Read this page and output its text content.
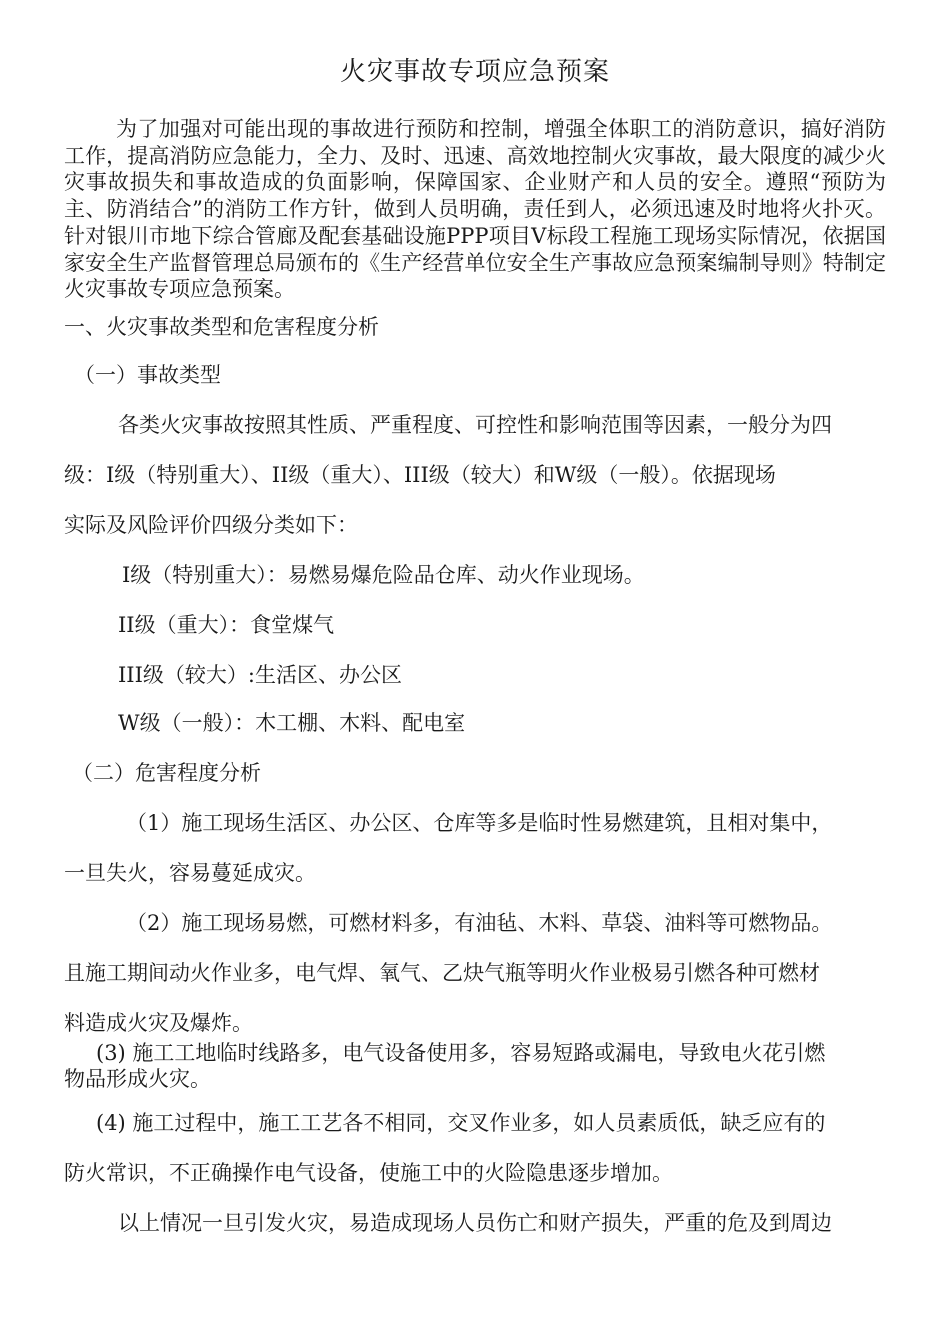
火灾事故专项应急预案

为了加强对可能出现的事故进行预防和控制，增强全体职工的消防意识，搞好消防工作，提高消防应急能力，全力、及时、迅速、高效地控制火灾事故，最大限度的减少火灾事故损失和事故造成的负面影响，保障国家、企业财产和人员的安全。遵照“预防为主、防消结合”的消防工作方针，做到人员明确，责任到人，必须迅速及时地将火扑灭。针对银川市地下综合管廊及配套基础设施PPP项目V标段工程施工现场实际情况，依据国家安全生产监督管理总局颁布的《生产经营单位安全生产事故应急预案编制导则》特制定火灾事故专项应急预案。

一、火灾事故类型和危害程度分析

（一）事故类型

各类火灾事故按照其性质、严重程度、可控性和影响范围等因素，一般分为四

级：I级（特别重大）、II级（重大）、III级（较大）和W级（一般）。依据现场

实际及风险评价四级分类如下：

I级（特别重大）：易燃易爆危险品仓库、动火作业现场。

II级（重大）：食堂煤气

III级（较大）:生活区、办公区

W级（一般）：木工棚、木料、配电室

（二）危害程度分析

（1）施工现场生活区、办公区、仓库等多是临时性易燃建筑，且相对集中，

一旦失火，容易蔓延成灾。

（2）施工现场易燃，可燃材料多，有油毡、木料、草袋、油料等可燃物品。

且施工期间动火作业多，电气焊、氧气、乙炔气瓶等明火作业极易引燃各种可燃材

料造成火灾及爆炸。

(3) 施工工地临时线路多，电气设备使用多，容易短路或漏电，导致电火花引燃

物品形成火灾。

(4) 施工过程中，施工工艺各不相同，交叉作业多，如人员素质低，缺乏应有的

防火常识，不正确操作电气设备，使施工中的火险隐患逐步增加。

以上情况一旦引发火灾，易造成现场人员伤亡和财产损失，严重的危及到周边
